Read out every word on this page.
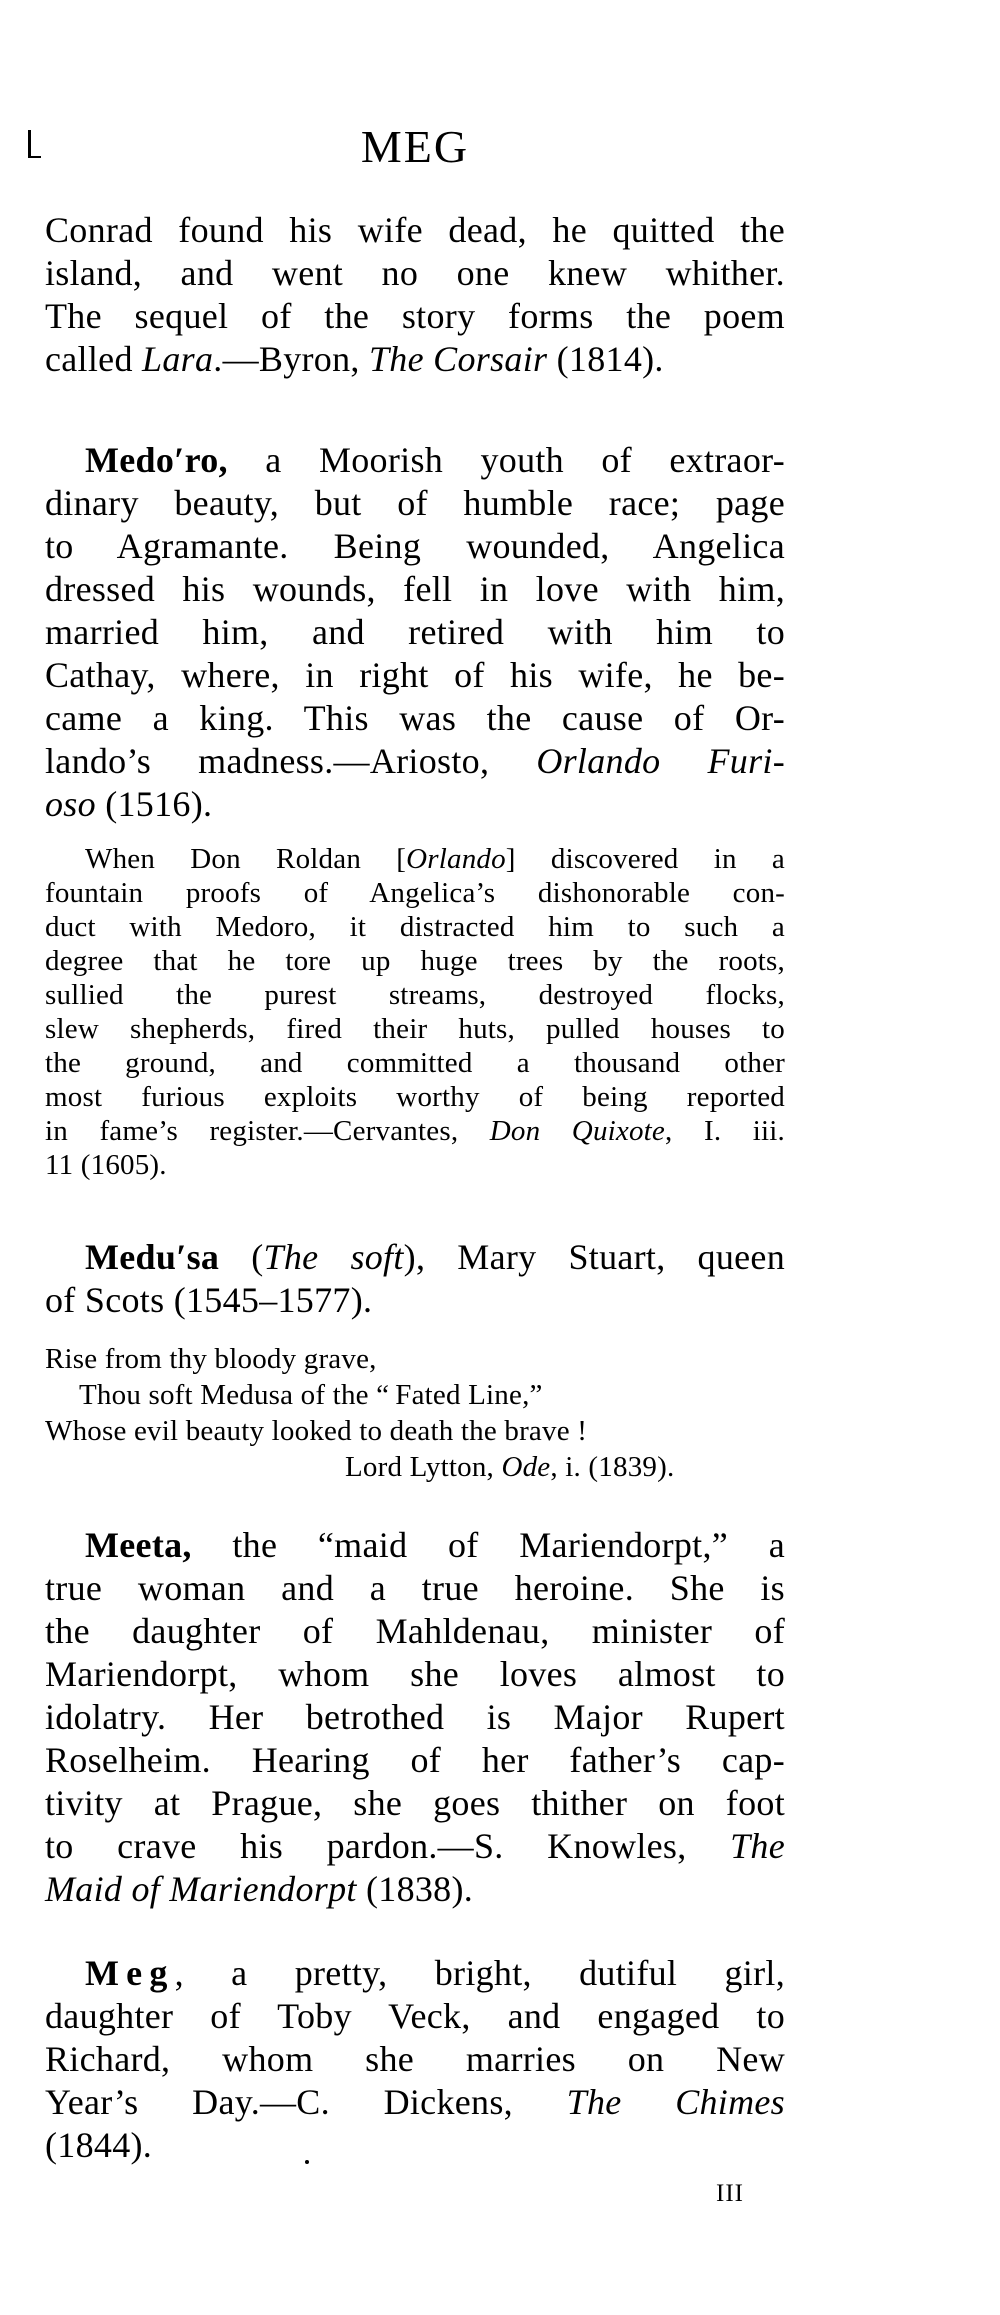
MEG
Conrad found his wife dead, he quitted the
island, and went no one knew whither.
The sequel of the story forms the poem
called Lara.—Byron, The Corsair (1814).
Medo′ro, a Moorish youth of extraor-
dinary beauty, but of humble race; page
to Agramante. Being wounded, Angelica
dressed his wounds, fell in love with him,
married him, and retired with him to
Cathay, where, in right of his wife, he be-
came a king. This was the cause of Or-
lando’s madness.—Ariosto, Orlando Furi-
oso (1516).
When Don Roldan [Orlando] discovered in a
fountain proofs of Angelica’s dishonorable con-
duct with Medoro, it distracted him to such a
degree that he tore up huge trees by the roots,
sullied the purest streams, destroyed flocks,
slew shepherds, fired their huts, pulled houses to
the ground, and committed a thousand other
most furious exploits worthy of being reported
in fame’s register.—Cervantes, Don Quixote, I. iii.
11 (1605).
Medu′sa (The soft), Mary Stuart, queen
of Scots (1545–1577).
Rise from thy bloody grave,
Thou soft Medusa of the “ Fated Line,”
Whose evil beauty looked to death the brave !
Lord Lytton, Ode, i. (1839).
Meeta, the “maid of Mariendorpt,” a
true woman and a true heroine. She is
the daughter of Mahldenau, minister of
Mariendorpt, whom she loves almost to
idolatry. Her betrothed is Major Rupert
Roselheim. Hearing of her father’s cap-
tivity at Prague, she goes thither on foot
to crave his pardon.—S. Knowles, The
Maid of Mariendorpt (1838).
Meg, a pretty, bright, dutiful girl,
daughter of Toby Veck, and engaged to
Richard, whom she marries on New
Year’s Day.—C. Dickens, The Chimes
(1844).
III
